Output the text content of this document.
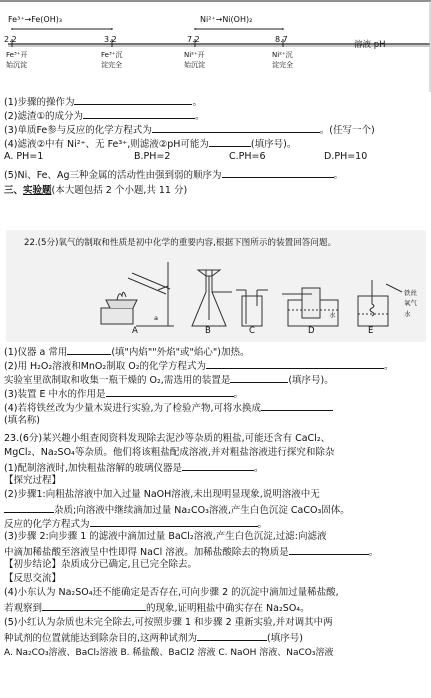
Fe³⁺→Fe(OH)₃	Ni²⁺→Ni(OH)₂
溶液 pH
2.2	3.2	7.2	8.7
Fe³⁺开
始沉淀
Fe³⁺沉
淀完全
Ni²⁺开
始沉淀
Ni²⁺沉
淀完全
(1)步骤的操作为	。
(2)滤渣①的成分为	。
(3)单质Fe参与反应的化学方程式为	。(任写一个)
(4)滤液②中有 Ni²⁺、无 Fe³⁺,则滤液②pH可能为	(填序号)。
A. PH=1	B.PH=2	C.PH=6	D.PH=10
(5)Ni、Fe、Ag三种金属的活动性由强到弱的顺序为	。
三、实验题(本大题包括 2 个小题,共 11 分)
22.(5分)氧气的制取和性质是初中化学的重要内容,根据下图所示的装置回答问题。
A	B	C	D	E
a	水
铁丝
水
氧气
(1)仪器 a 常用	(填"内焰""外焰"或"焰心")加热。
(2)用 H₂O₂溶液和MnO₂制取 O₂的化学方程式为	。
实验室里欲制取和收集一瓶干燥的 O₂,需选用的装置是	(填序号)。
(3)装置 E 中水的作用是	。
(4)若将铁丝改为少量木炭进行实验,为了检验产物,可将水换成
(填名称)
23.(6分)某兴趣小组查阅资料发现除去泥沙等杂质的粗盐,可能还含有 CaCl₂、
MgCl₂、Na₂SO₄等杂质。他们将该粗盐配成溶液,并对粗盐溶液进行探究和除杂
(1)配制溶液时,加快粗盐溶解的玻璃仪器是	。
【探究过程】
(2)步骤1:向粗盐溶液中加入过量 NaOH溶液,未出现明显现象,说明溶液中无
杂质;向溶液中继续滴加过量 Na₂CO₃溶液,产生白色沉淀 CaCO₃固体。
反应的化学方程式为	。
(3)步骤 2:向步骤 1 的滤液中滴加过量 BaCl₂溶液,产生白色沉淀,过滤:向滤液
中滴加稀盐酸至溶液呈中性即得 NaCl 溶液。加稀盐酸除去的物质是	。
【初步结论】杂质成分已确定,且已完全除去。
【反思交流】
(4)小东认为 Na₂SO₄还不能确定是否存在,可向步骤 2 的沉淀中滴加过量稀盐酸,
若观察到	的现象,证明粗盐中确实存在 Na₂SO₄。
(5)小红认为杂质也未完全除去,可按照步骤 1 和步骤 2 重新实验,并对调其中两
种试剂的位置就能达到除杂目的,这两种试剂为	(填序号)
A. Na₂CO₃溶液、BaCl₂溶液 B. 稀盐酸、BaCl2 溶液 C. NaOH 溶液、NaCO₃溶液
